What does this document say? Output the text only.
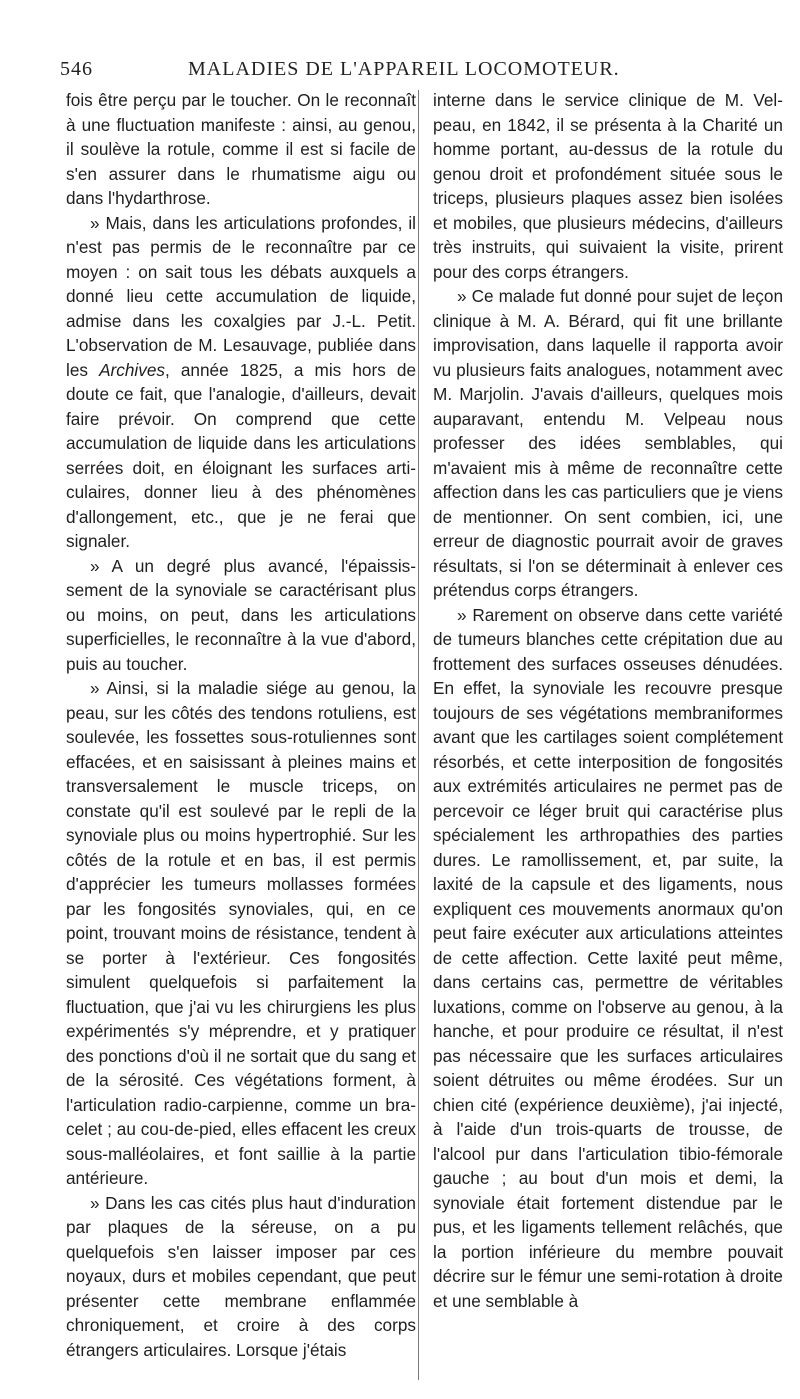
546	MALADIES DE L'APPAREIL LOCOMOTEUR.

fois être perçu par le toucher. On le reconnaît à une fluctuation manifeste : ainsi, au genou, il soulève la rotule, comme il est si facile de s'en assurer dans le rhumatisme aigu ou dans l'hydarthrose.

» Mais, dans les articulations profondes, il n'est pas permis de le reconnaître par ce moyen : on sait tous les débats auxquels a donné lieu cette accumulation de liquide, admise dans les coxalgies par J.-L. Petit. L'observation de M. Lesauvage, publiée dans les Archives, année 1825, a mis hors de doute ce fait, que l'analogie, d'ailleurs, devait faire prévoir. On comprend que cette accumulation de liquide dans les articulations serrées doit, en éloignant les surfaces articulaires, donner lieu à des phénomènes d'allongement, etc., que je ne ferai que signaler.

» A un degré plus avancé, l'épaississement de la synoviale se caractérisant plus ou moins, on peut, dans les articulations superficielles, le reconnaître à la vue d'abord, puis au toucher.

» Ainsi, si la maladie siége au genou, la peau, sur les côtés des tendons rotuliens, est soulevée, les fossettes sous-rotuliennes sont effacées, et en saisissant à pleines mains et transversalement le muscle triceps, on constate qu'il est soulevé par le repli de la synoviale plus ou moins hypertrophié. Sur les côtés de la rotule et en bas, il est permis d'apprécier les tumeurs mollasses formées par les fongosités synoviales, qui, en ce point, trouvant moins de résistance, tendent à se porter à l'extérieur. Ces fongosités simulent quelquefois si parfaitement la fluctuation, que j'ai vu les chirurgiens les plus expérimentés s'y méprendre, et y pratiquer des ponctions d'où il ne sortait que du sang et de la sérosité. Ces végétations forment, à l'articulation radio-carpienne, comme un bracelet ; au cou-de-pied, elles effacent les creux sous-malléolaires, et font saillie à la partie antérieure.

» Dans les cas cités plus haut d'induration par plaques de la séreuse, on a pu quelquefois s'en laisser imposer par ces noyaux, durs et mobiles cependant, que peut présenter cette membrane enflammée chroniquement, et croire à des corps étrangers articulaires. Lorsque j'étais

interne dans le service clinique de M. Velpeau, en 1842, il se présenta à la Charité un homme portant, au-dessus de la rotule du genou droit et profondément située sous le triceps, plusieurs plaques assez bien isolées et mobiles, que plusieurs médecins, d'ailleurs très instruits, qui suivaient la visite, prirent pour des corps étrangers.

» Ce malade fut donné pour sujet de leçon clinique à M. A. Bérard, qui fit une brillante improvisation, dans laquelle il rapporta avoir vu plusieurs faits analogues, notamment avec M. Marjolin. J'avais d'ailleurs, quelques mois auparavant, entendu M. Velpeau nous professer des idées semblables, qui m'avaient mis à même de reconnaître cette affection dans les cas particuliers que je viens de mentionner. On sent combien, ici, une erreur de diagnostic pourrait avoir de graves résultats, si l'on se déterminait à enlever ces prétendus corps étrangers.

» Rarement on observe dans cette variété de tumeurs blanches cette crépitation due au frottement des surfaces osseuses dénudées. En effet, la synoviale les recouvre presque toujours de ses végétations membraniformes avant que les cartilages soient complétement résorbés, et cette interposition de fongosités aux extrémités articulaires ne permet pas de percevoir ce léger bruit qui caractérise plus spécialement les arthropathies des parties dures. Le ramollissement, et, par suite, la laxité de la capsule et des ligaments, nous expliquent ces mouvements anormaux qu'on peut faire exécuter aux articulations atteintes de cette affection. Cette laxité peut même, dans certains cas, permettre de véritables luxations, comme on l'observe au genou, à la hanche, et pour produire ce résultat, il n'est pas nécessaire que les surfaces articulaires soient détruites ou même érodées. Sur un chien cité (expérience deuxième), j'ai injecté, à l'aide d'un trois-quarts de trousse, de l'alcool pur dans l'articulation tibio-fémorale gauche ; au bout d'un mois et demi, la synoviale était fortement distendue par le pus, et les ligaments tellement relâchés, que la portion inférieure du membre pouvait décrire sur le fémur une semi-rotation à droite et une semblable à
